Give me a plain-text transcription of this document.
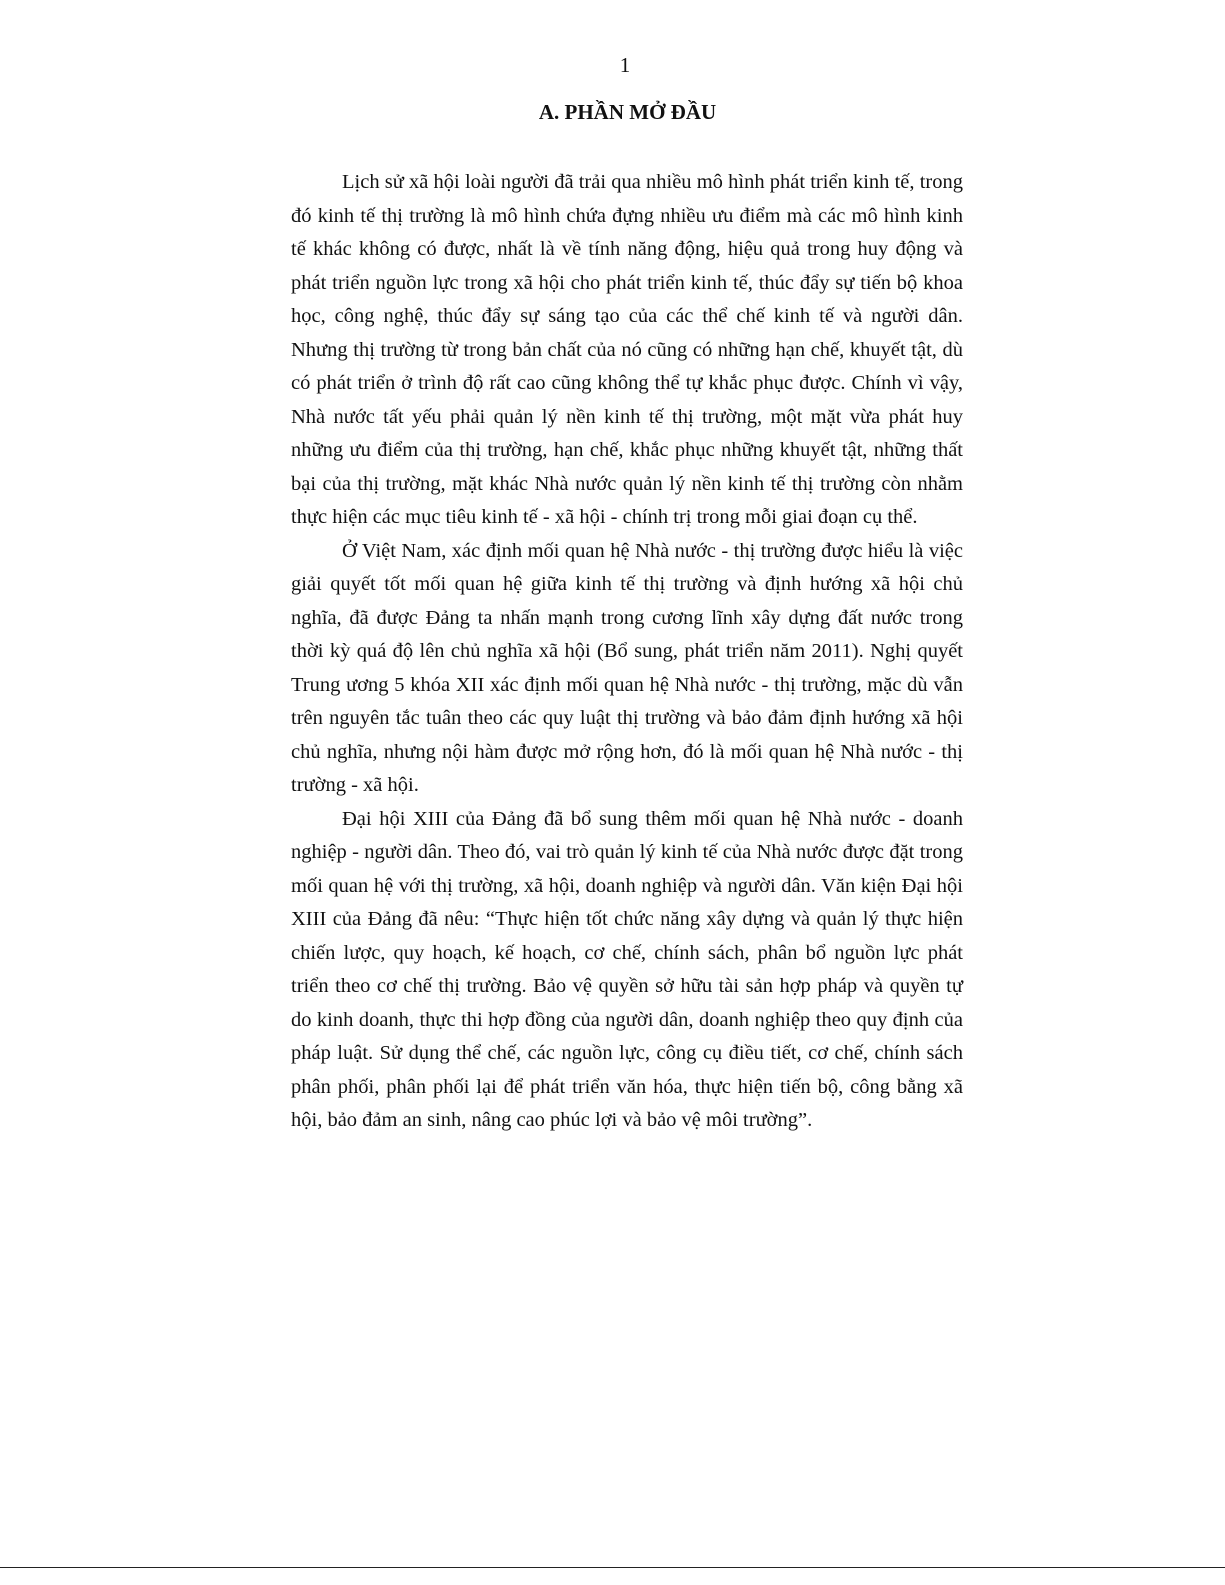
1
A. PHẦN MỞ ĐẦU

Lịch sử xã hội loài người đã trải qua nhiều mô hình phát triển kinh tế, trong đó kinh tế thị trường là mô hình chứa đựng nhiều ưu điểm mà các mô hình kinh tế khác không có được, nhất là về tính năng động, hiệu quả trong huy động và phát triển nguồn lực trong xã hội cho phát triển kinh tế, thúc đẩy sự tiến bộ khoa học, công nghệ, thúc đẩy sự sáng tạo của các thể chế kinh tế và người dân. Nhưng thị trường từ trong bản chất của nó cũng có những hạn chế, khuyết tật, dù có phát triển ở trình độ rất cao cũng không thể tự khắc phục được. Chính vì vậy, Nhà nước tất yếu phải quản lý nền kinh tế thị trường, một mặt vừa phát huy những ưu điểm của thị trường, hạn chế, khắc phục những khuyết tật, những thất bại của thị trường, mặt khác Nhà nước quản lý nền kinh tế thị trường còn nhằm thực hiện các mục tiêu kinh tế - xã hội - chính trị trong mỗi giai đoạn cụ thể.

Ở Việt Nam, xác định mối quan hệ Nhà nước - thị trường được hiểu là việc giải quyết tốt mối quan hệ giữa kinh tế thị trường và định hướng xã hội chủ nghĩa, đã được Đảng ta nhấn mạnh trong cương lĩnh xây dựng đất nước trong thời kỳ quá độ lên chủ nghĩa xã hội (Bổ sung, phát triển năm 2011). Nghị quyết Trung ương 5 khóa XII xác định mối quan hệ Nhà nước - thị trường, mặc dù vẫn trên nguyên tắc tuân theo các quy luật thị trường và bảo đảm định hướng xã hội chủ nghĩa, nhưng nội hàm được mở rộng hơn, đó là mối quan hệ Nhà nước - thị trường - xã hội.

Đại hội XIII của Đảng đã bổ sung thêm mối quan hệ Nhà nước - doanh nghiệp - người dân. Theo đó, vai trò quản lý kinh tế của Nhà nước được đặt trong mối quan hệ với thị trường, xã hội, doanh nghiệp và người dân. Văn kiện Đại hội XIII của Đảng đã nêu: “Thực hiện tốt chức năng xây dựng và quản lý thực hiện chiến lược, quy hoạch, kế hoạch, cơ chế, chính sách, phân bổ nguồn lực phát triển theo cơ chế thị trường. Bảo vệ quyền sở hữu tài sản hợp pháp và quyền tự do kinh doanh, thực thi hợp đồng của người dân, doanh nghiệp theo quy định của pháp luật. Sử dụng thể chế, các nguồn lực, công cụ điều tiết, cơ chế, chính sách phân phối, phân phối lại để phát triển văn hóa, thực hiện tiến bộ, công bằng xã hội, bảo đảm an sinh, nâng cao phúc lợi và bảo vệ môi trường”.
